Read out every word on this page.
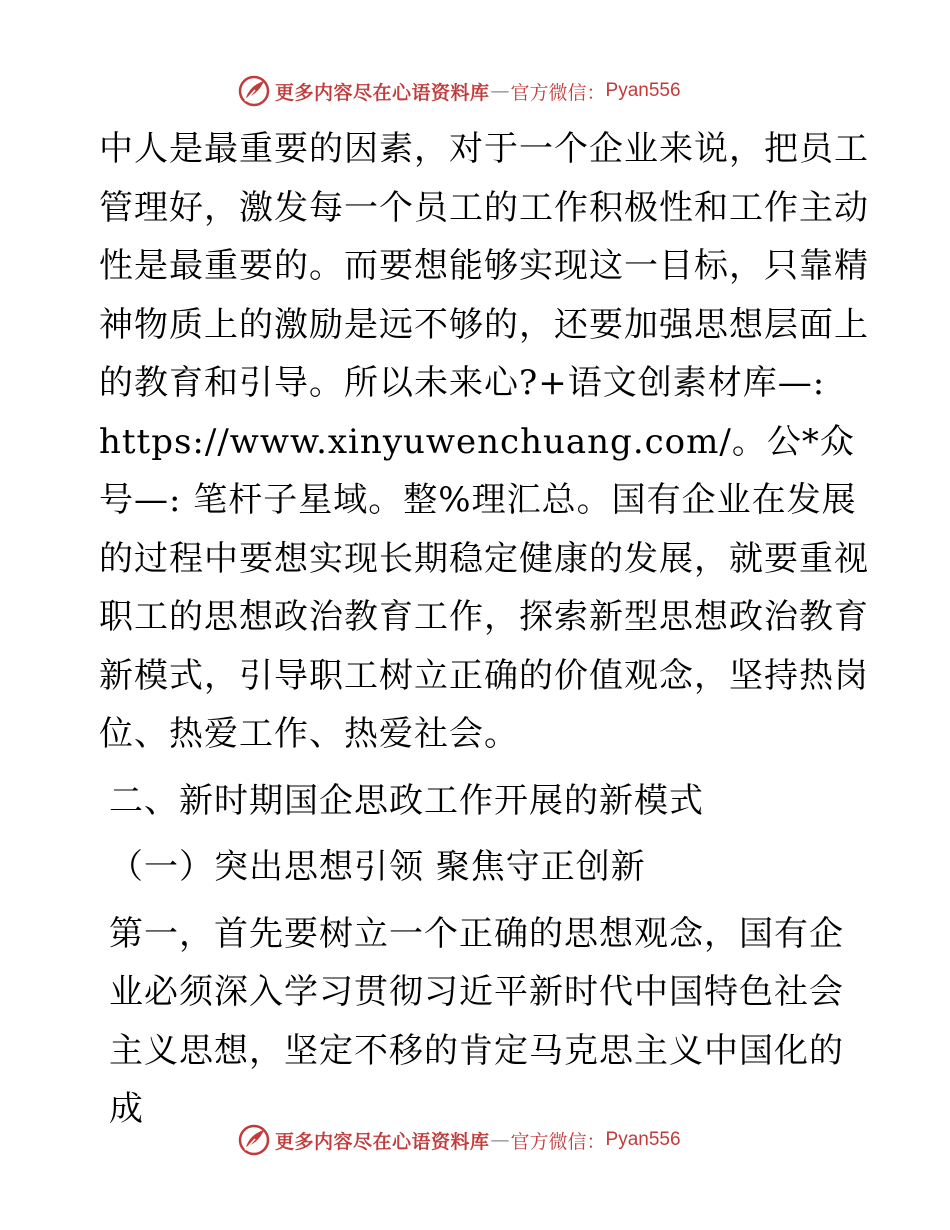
更多内容尽在心语资料库 — 官方微信： Pyan556

中人是最重要的因素，对于一个企业来说，把员工管理好，激发每一个员工的工作积极性和工作主动性是最重要的。而要想能够实现这一目标，只靠精神物质上的激励是远不够的，还要加强思想层面上的教育和引导。所以未来心?+语文创素材库—: https://www.xinyuwenchuang.com/。公*众号—: 笔杆子星域。整%理汇总。国有企业在发展的过程中要想实现长期稳定健康的发展，就要重视职工的思想政治教育工作，探索新型思想政治教育新模式，引导职工树立正确的价值观念，坚持热岗位、热爱工作、热爱社会。

二、新时期国企思政工作开展的新模式

（一）突出思想引领 聚焦守正创新

第一，首先要树立一个正确的思想观念，国有企业必须深入学习贯彻习近平新时代中国特色社会主义思想，坚定不移的肯定马克思主义中国化的成

更多内容尽在心语资料库 — 官方微信： Pyan556
